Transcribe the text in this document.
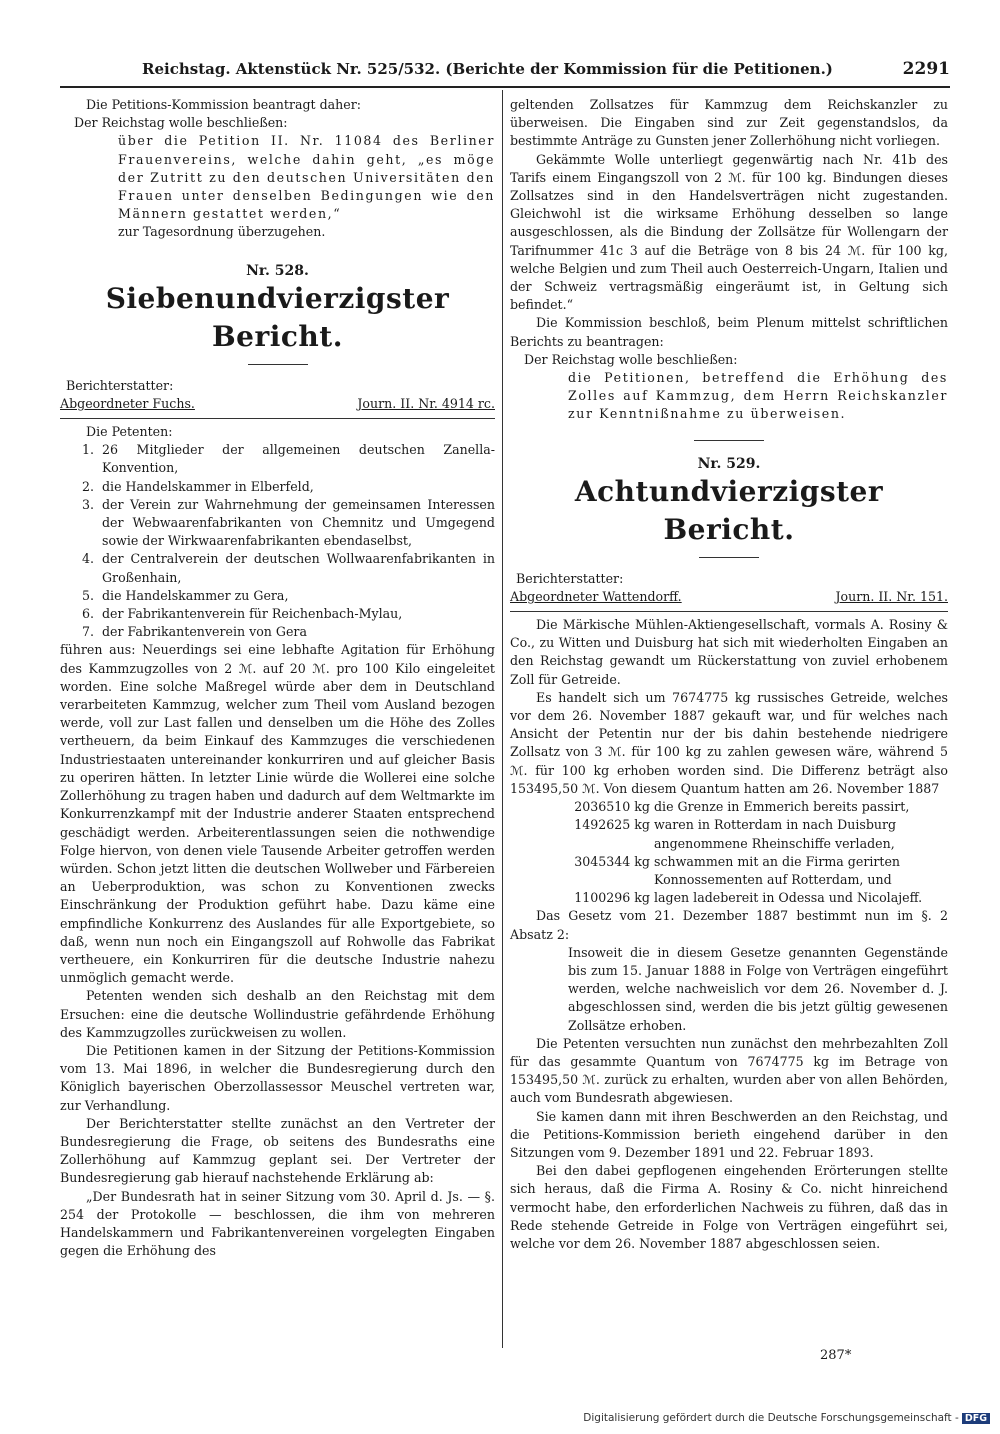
Reichstag. Aktenstück Nr. 525/532. (Berichte der Kommission für die Petitionen.)	2291

Die Petitions-Kommission beantragt daher:

Der Reichstag wolle beschließen:

über die Petition II. Nr. 11084 des Berliner Frauenvereins, welche dahin geht, „es möge der Zutritt zu den deutschen Universitäten den Frauen unter denselben Bedingungen wie den Männern gestattet werden,“

zur Tagesordnung überzugehen.

Nr. 528.
Siebenundvierzigster Bericht.
Berichterstatter:
Abgeordneter Fuchs.	Journ. II. Nr. 4914 rc.

Die Petenten:

1. 26 Mitglieder der allgemeinen deutschen Zanella-Konvention,
2. die Handelskammer in Elberfeld,
3. der Verein zur Wahrnehmung der gemeinsamen Interessen der Webwaarenfabrikanten von Chemnitz und Umgegend sowie der Wirkwaarenfabrikanten ebendaselbst,
4. der Centralverein der deutschen Wollwaarenfabrikanten in Großenhain,
5. die Handelskammer zu Gera,
6. der Fabrikantenverein für Reichenbach-Mylau,
7. der Fabrikantenverein von Gera

führen aus: Neuerdings sei eine lebhafte Agitation für Erhöhung des Kammzugzolles von 2 ℳ. auf 20 ℳ. pro 100 Kilo eingeleitet worden. Eine solche Maßregel würde aber dem in Deutschland verarbeiteten Kammzug, welcher zum Theil vom Ausland bezogen werde, voll zur Last fallen und denselben um die Höhe des Zolles vertheuern, da beim Einkauf des Kammzuges die verschiedenen Industriestaaten untereinander konkurriren und auf gleicher Basis zu operiren hätten. In letzter Linie würde die Wollerei eine solche Zollerhöhung zu tragen haben und dadurch auf dem Weltmarkte im Konkurrenzkampf mit der Industrie anderer Staaten entsprechend geschädigt werden. Arbeiterentlassungen seien die nothwendige Folge hiervon, von denen viele Tausende Arbeiter getroffen werden würden. Schon jetzt litten die deutschen Wollweber und Färbereien an Ueberproduktion, was schon zu Konventionen zwecks Einschränkung der Produktion geführt habe. Dazu käme eine empfindliche Konkurrenz des Auslandes für alle Exportgebiete, so daß, wenn nun noch ein Eingangszoll auf Rohwolle das Fabrikat vertheuere, ein Konkurriren für die deutsche Industrie nahezu unmöglich gemacht werde.

Petenten wenden sich deshalb an den Reichstag mit dem Ersuchen: eine die deutsche Wollindustrie gefährdende Erhöhung des Kammzugzolles zurückweisen zu wollen.

Die Petitionen kamen in der Sitzung der Petitions-Kommission vom 13. Mai 1896, in welcher die Bundesregierung durch den Königlich bayerischen Oberzollassessor Meuschel vertreten war, zur Verhandlung.

Der Berichterstatter stellte zunächst an den Vertreter der Bundesregierung die Frage, ob seitens des Bundesraths eine Zollerhöhung auf Kammzug geplant sei. Der Vertreter der Bundesregierung gab hierauf nachstehende Erklärung ab:

„Der Bundesrath hat in seiner Sitzung vom 30. April d. Js. — §. 254 der Protokolle — beschlossen, die ihm von mehreren Handelskammern und Fabrikantenvereinen vorgelegten Eingaben gegen die Erhöhung des

geltenden Zollsatzes für Kammzug dem Reichskanzler zu überweisen. Die Eingaben sind zur Zeit gegenstandslos, da bestimmte Anträge zu Gunsten jener Zollerhöhung nicht vorliegen.

Gekämmte Wolle unterliegt gegenwärtig nach Nr. 41b des Tarifs einem Eingangszoll von 2 ℳ. für 100 kg. Bindungen dieses Zollsatzes sind in den Handelsverträgen nicht zugestanden. Gleichwohl ist die wirksame Erhöhung desselben so lange ausgeschlossen, als die Bindung der Zollsätze für Wollengarn der Tarifnummer 41c 3 auf die Beträge von 8 bis 24 ℳ. für 100 kg, welche Belgien und zum Theil auch Oesterreich-Ungarn, Italien und der Schweiz vertragsmäßig eingeräumt ist, in Geltung sich befindet.“

Die Kommission beschloß, beim Plenum mittelst schriftlichen Berichts zu beantragen:

Der Reichstag wolle beschließen:

die Petitionen, betreffend die Erhöhung des Zolles auf Kammzug, dem Herrn Reichskanzler zur Kenntnißnahme zu überweisen.

Nr. 529.
Achtundvierzigster Bericht.
Berichterstatter:
Abgeordneter Wattendorff.	Journ. II. Nr. 151.

Die Märkische Mühlen-Aktiengesellschaft, vormals A. Rosiny & Co., zu Witten und Duisburg hat sich mit wiederholten Eingaben an den Reichstag gewandt um Rückerstattung von zuviel erhobenem Zoll für Getreide.

Es handelt sich um 7674775 kg russisches Getreide, welches vor dem 26. November 1887 gekauft war, und für welches nach Ansicht der Petentin nur der bis dahin bestehende niedrigere Zollsatz von 3 ℳ. für 100 kg zu zahlen gewesen wäre, während 5 ℳ. für 100 kg erhoben worden sind. Die Differenz beträgt also 153495,50 ℳ. Von diesem Quantum hatten am 26. November 1887

2036510 kg	die Grenze in Emmerich bereits passirt,
1492625 kg	waren in Rotterdam in nach Duisburg angenommene Rheinschiffe verladen,
3045344 kg	schwammen mit an die Firma gerirten Konnossementen auf Rotterdam, und
1100296 kg	lagen ladebereit in Odessa und Nicolajeff.

Das Gesetz vom 21. Dezember 1887 bestimmt nun im §. 2 Absatz 2:

Insoweit die in diesem Gesetze genannten Gegenstände bis zum 15. Januar 1888 in Folge von Verträgen eingeführt werden, welche nachweislich vor dem 26. November d. J. abgeschlossen sind, werden die bis jetzt gültig gewesenen Zollsätze erhoben.

Die Petenten versuchten nun zunächst den mehrbezahlten Zoll für das gesammte Quantum von 7674775 kg im Betrage von 153495,50 ℳ. zurück zu erhalten, wurden aber von allen Behörden, auch vom Bundesrath abgewiesen.

Sie kamen dann mit ihren Beschwerden an den Reichstag, und die Petitions-Kommission berieth eingehend darüber in den Sitzungen vom 9. Dezember 1891 und 22. Februar 1893.

Bei den dabei gepflogenen eingehenden Erörterungen stellte sich heraus, daß die Firma A. Rosiny & Co. nicht hinreichend vermocht habe, den erforderlichen Nachweis zu führen, daß das in Rede stehende Getreide in Folge von Verträgen eingeführt sei, welche vor dem 26. November 1887 abgeschlossen seien.

287*
Digitalisierung gefördert durch die Deutsche Forschungsgemeinschaft - DFG
